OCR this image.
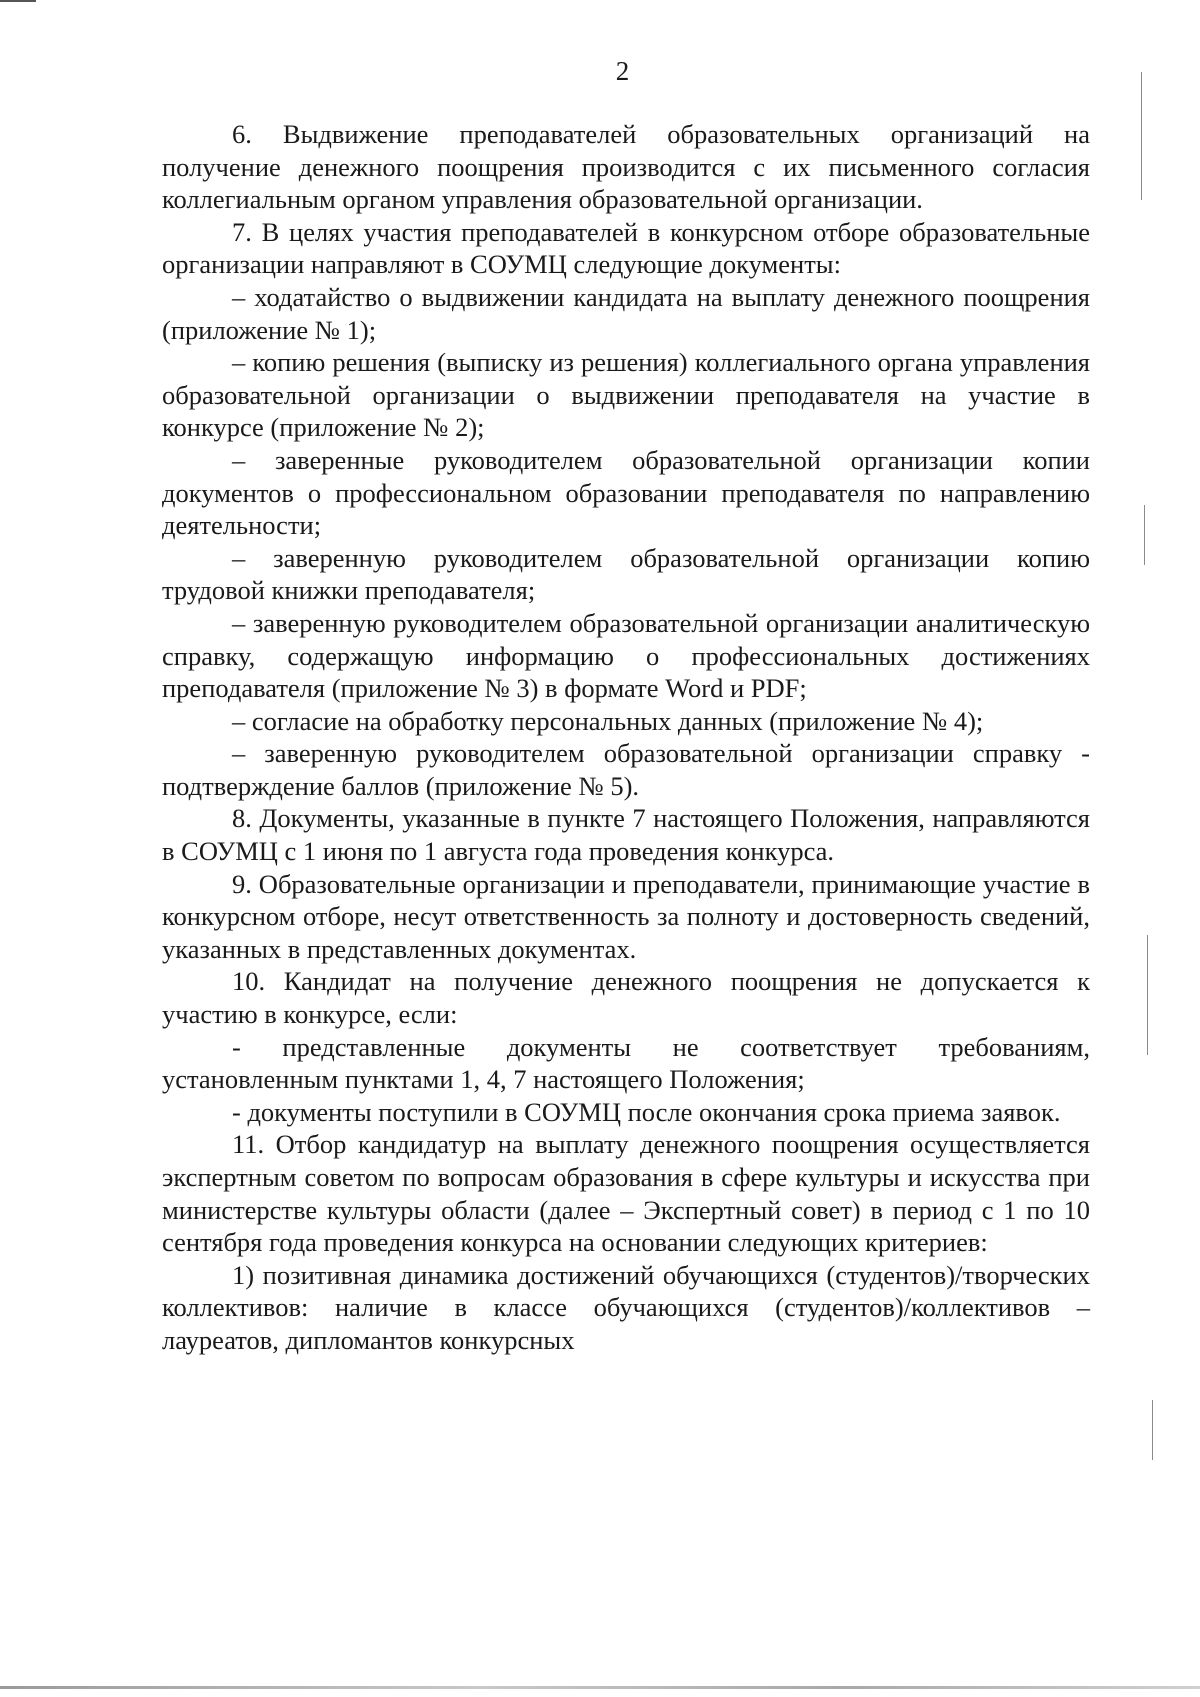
2

6. Выдвижение преподавателей образовательных организаций на получение денежного поощрения производится с их письменного согласия коллегиальным органом управления образовательной организации.

7. В целях участия преподавателей в конкурсном отборе образовательные организации направляют в СОУМЦ следующие документы:

– ходатайство о выдвижении кандидата на выплату денежного поощрения (приложение № 1);

– копию решения (выписку из решения) коллегиального органа управления образовательной организации о выдвижении преподавателя на участие в конкурсе (приложение № 2);

– заверенные руководителем образовательной организации копии документов о профессиональном образовании преподавателя по направлению деятельности;

– заверенную руководителем образовательной организации копию трудовой книжки преподавателя;

– заверенную руководителем образовательной организации аналитическую справку, содержащую информацию о профессиональных достижениях преподавателя (приложение № 3) в формате Word и PDF;

– согласие на обработку персональных данных (приложение № 4);

– заверенную руководителем образовательной организации справку - подтверждение баллов (приложение № 5).

8. Документы, указанные в пункте 7 настоящего Положения, направляются в СОУМЦ с 1 июня по 1 августа года проведения конкурса.

9. Образовательные организации и преподаватели, принимающие участие в конкурсном отборе, несут ответственность за полноту и достоверность сведений, указанных в представленных документах.

10. Кандидат на получение денежного поощрения не допускается к участию в конкурсе, если:

- представленные документы не соответствует требованиям, установленным пунктами 1, 4, 7 настоящего Положения;

- документы поступили в СОУМЦ после окончания срока приема заявок.

11. Отбор кандидатур на выплату денежного поощрения осуществляется экспертным советом по вопросам образования в сфере культуры и искусства при министерстве культуры области (далее – Экспертный совет) в период с 1 по 10 сентября года проведения конкурса на основании следующих критериев:

1) позитивная динамика достижений обучающихся (студентов)/творческих коллективов: наличие в классе обучающихся (студентов)/коллективов – лауреатов, дипломантов конкурсных
